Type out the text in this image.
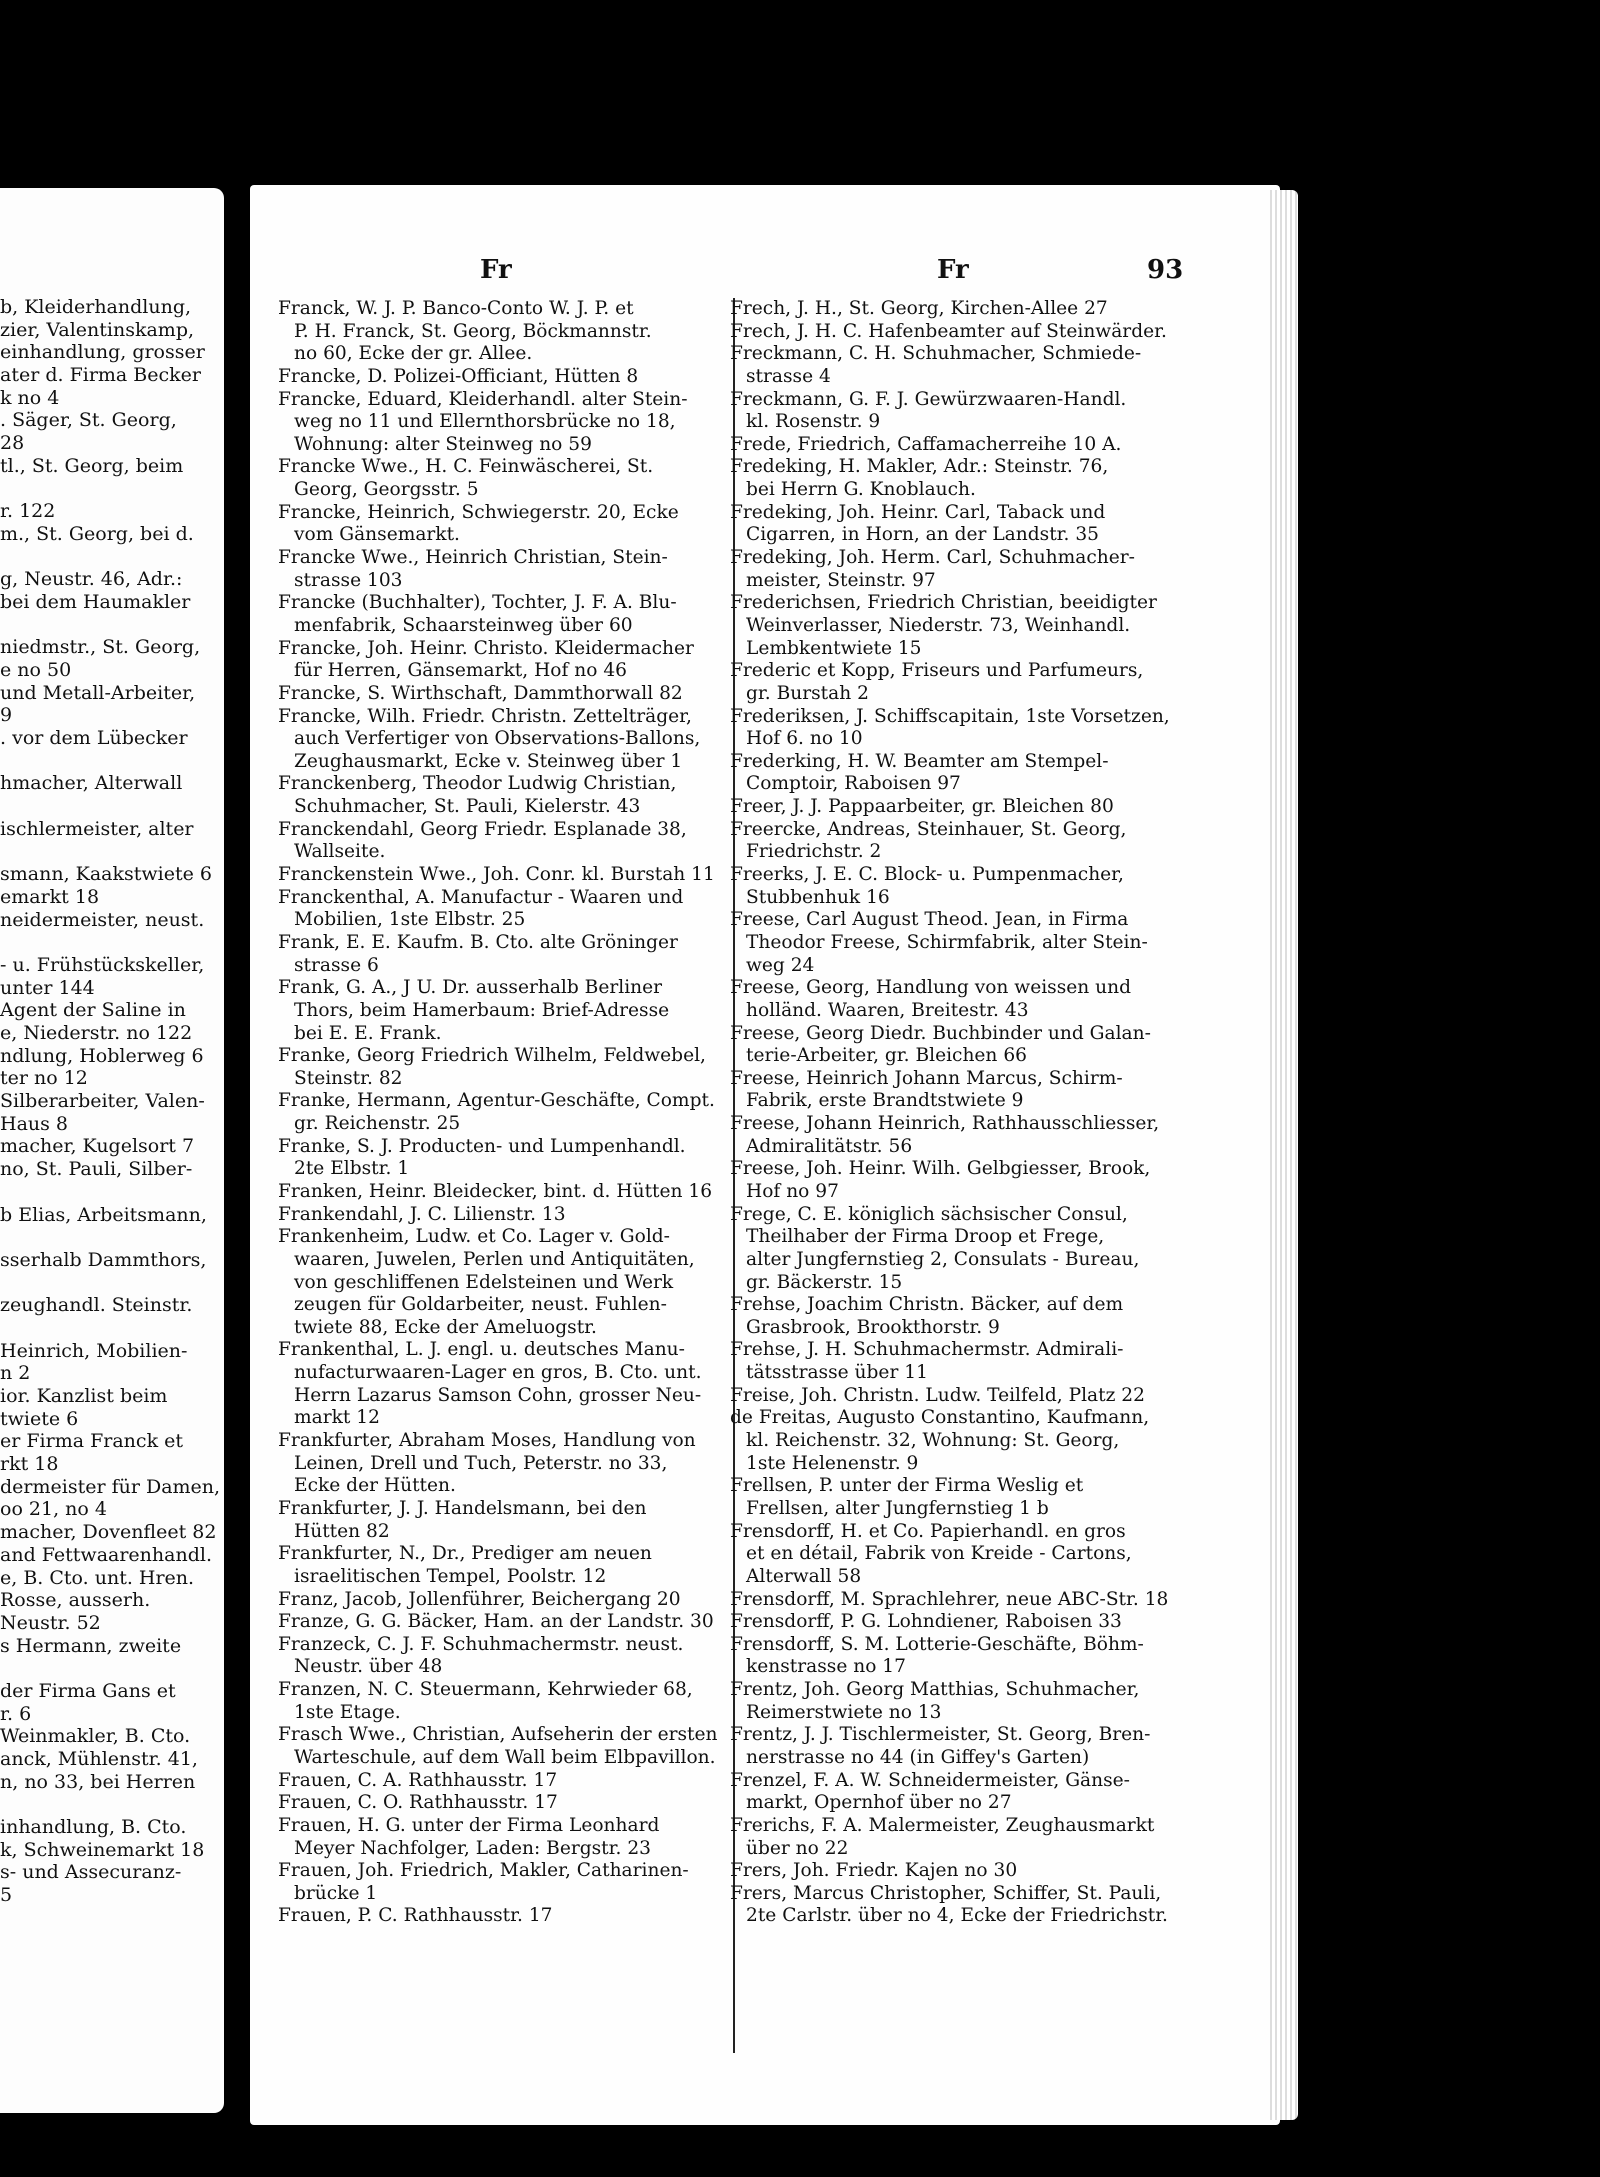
b, Kleiderhandlung,
zier, Valentinskamp,
einhandlung, grosser
ater d. Firma Becker
k no 4
. Säger, St. Georg,
28
tl., St. Georg, beim
r. 122
m., St. Georg, bei d.
g, Neustr. 46, Adr.:
bei dem Haumakler
niedmstr., St. Georg,
e no 50
und Metall-Arbeiter,
9
. vor dem Lübecker
hmacher, Alterwall
ischlermeister, alter
smann, Kaakstwiete 6
emarkt 18
neidermeister, neust.
- u. Frühstückskeller,
unter 144
Agent der Saline in
e, Niederstr. no 122
ndlung, Hoblerweg 6
ter no 12
Silberarbeiter, Valen-
Haus 8
macher, Kugelsort 7
no, St. Pauli, Silber-
b Elias, Arbeitsmann,
sserhalb Dammthors,
zeughandl. Steinstr.
Heinrich, Mobilien-
n 2
ior. Kanzlist beim
twiete 6
er Firma Franck et
rkt 18
dermeister für Damen,
oo 21, no 4
macher, Dovenfleet 82
and Fettwaarenhandl.
e, B. Cto. unt. Hren.
Rosse, ausserh.
Neustr. 52
s Hermann, zweite
der Firma Gans et
r. 6
Weinmakler, B. Cto.
anck, Mühlenstr. 41,
n, no 33, bei Herren
inhandlung, B. Cto.
k, Schweinemarkt 18
s- und Assecuranz-
5
Fr	Fr	93
Franck, W. J. P. Banco-Conto W. J. P. et
P. H. Franck, St. Georg, Böckmannstr.
no 60, Ecke der gr. Allee.
Francke, D. Polizei-Officiant, Hütten 8
Francke, Eduard, Kleiderhandl. alter Stein-
weg no 11 und Ellernthorsbrücke no 18,
Wohnung: alter Steinweg no 59
Francke Wwe., H. C. Feinwäscherei, St.
Georg, Georgsstr. 5
Francke, Heinrich, Schwiegerstr. 20, Ecke
vom Gänsemarkt.
Francke Wwe., Heinrich Christian, Stein-
strasse 103
Francke (Buchhalter), Tochter, J. F. A. Blu-
menfabrik, Schaarsteinweg über 60
Francke, Joh. Heinr. Christo. Kleidermacher
für Herren, Gänsemarkt, Hof no 46
Francke, S. Wirthschaft, Dammthorwall 82
Francke, Wilh. Friedr. Christn. Zettelträger,
auch Verfertiger von Observations-Ballons,
Zeughausmarkt, Ecke v. Steinweg über 1
Franckenberg, Theodor Ludwig Christian,
Schuhmacher, St. Pauli, Kielerstr. 43
Franckendahl, Georg Friedr. Esplanade 38,
Wallseite.
Franckenstein Wwe., Joh. Conr. kl. Burstah 11
Franckenthal, A. Manufactur - Waaren und
Mobilien, 1ste Elbstr. 25
Frank, E. E. Kaufm. B. Cto. alte Gröninger
strasse 6
Frank, G. A., J U. Dr. ausserhalb Berliner
Thors, beim Hamerbaum: Brief-Adresse
bei E. E. Frank.
Franke, Georg Friedrich Wilhelm, Feldwebel,
Steinstr. 82
Franke, Hermann, Agentur-Geschäfte, Compt.
gr. Reichenstr. 25
Franke, S. J. Producten- und Lumpenhandl.
2te Elbstr. 1
Franken, Heinr. Bleidecker, bint. d. Hütten 16
Frankendahl, J. C. Lilienstr. 13
Frankenheim, Ludw. et Co. Lager v. Gold-
waaren, Juwelen, Perlen und Antiquitäten,
von geschliffenen Edelsteinen und Werk
zeugen für Goldarbeiter, neust. Fuhlen-
twiete 88, Ecke der Ameluogstr.
Frankenthal, L. J. engl. u. deutsches Manu-
nufacturwaaren-Lager en gros, B. Cto. unt.
Herrn Lazarus Samson Cohn, grosser Neu-
markt 12
Frankfurter, Abraham Moses, Handlung von
Leinen, Drell und Tuch, Peterstr. no 33,
Ecke der Hütten.
Frankfurter, J. J. Handelsmann, bei den
Hütten 82
Frankfurter, N., Dr., Prediger am neuen
israelitischen Tempel, Poolstr. 12
Franz, Jacob, Jollenführer, Beichergang 20
Franze, G. G. Bäcker, Ham. an der Landstr. 30
Franzeck, C. J. F. Schuhmachermstr. neust.
Neustr. über 48
Franzen, N. C. Steuermann, Kehrwieder 68,
1ste Etage.
Frasch Wwe., Christian, Aufseherin der ersten
Warteschule, auf dem Wall beim Elbpavillon.
Frauen, C. A. Rathhausstr. 17
Frauen, C. O. Rathhausstr. 17
Frauen, H. G. unter der Firma Leonhard
Meyer Nachfolger, Laden: Bergstr. 23
Frauen, Joh. Friedrich, Makler, Catharinen-
brücke 1
Frauen, P. C. Rathhausstr. 17
Frech, J. H., St. Georg, Kirchen-Allee 27
Frech, J. H. C. Hafenbeamter auf Steinwärder.
Freckmann, C. H. Schuhmacher, Schmiede-
strasse 4
Freckmann, G. F. J. Gewürzwaaren-Handl.
kl. Rosenstr. 9
Frede, Friedrich, Caffamacherreihe 10 A.
Fredeking, H. Makler, Adr.: Steinstr. 76,
bei Herrn G. Knoblauch.
Fredeking, Joh. Heinr. Carl, Taback und
Cigarren, in Horn, an der Landstr. 35
Fredeking, Joh. Herm. Carl, Schuhmacher-
meister, Steinstr. 97
Frederichsen, Friedrich Christian, beeidigter
Weinverlasser, Niederstr. 73, Weinhandl.
Lembkentwiete 15
Frederic et Kopp, Friseurs und Parfumeurs,
gr. Burstah 2
Frederiksen, J. Schiffscapitain, 1ste Vorsetzen,
Hof 6. no 10
Frederking, H. W. Beamter am Stempel-
Comptoir, Raboisen 97
Freer, J. J. Pappaarbeiter, gr. Bleichen 80
Freercke, Andreas, Steinhauer, St. Georg,
Friedrichstr. 2
Freerks, J. E. C. Block- u. Pumpenmacher,
Stubbenhuk 16
Freese, Carl August Theod. Jean, in Firma
Theodor Freese, Schirmfabrik, alter Stein-
weg 24
Freese, Georg, Handlung von weissen und
holländ. Waaren, Breitestr. 43
Freese, Georg Diedr. Buchbinder und Galan-
terie-Arbeiter, gr. Bleichen 66
Freese, Heinrich Johann Marcus, Schirm-
Fabrik, erste Brandtstwiete 9
Freese, Johann Heinrich, Rathhausschliesser,
Admiralitätstr. 56
Freese, Joh. Heinr. Wilh. Gelbgiesser, Brook,
Hof no 97
Frege, C. E. königlich sächsischer Consul,
Theilhaber der Firma Droop et Frege,
alter Jungfernstieg 2, Consulats - Bureau,
gr. Bäckerstr. 15
Frehse, Joachim Christn. Bäcker, auf dem
Grasbrook, Brookthorstr. 9
Frehse, J. H. Schuhmachermstr. Admirali-
tätsstrasse über 11
Freise, Joh. Christn. Ludw. Teilfeld, Platz 22
de Freitas, Augusto Constantino, Kaufmann,
kl. Reichenstr. 32, Wohnung: St. Georg,
1ste Helenenstr. 9
Frellsen, P. unter der Firma Weslig et
Frellsen, alter Jungfernstieg 1 b
Frensdorff, H. et Co. Papierhandl. en gros
et en détail, Fabrik von Kreide - Cartons,
Alterwall 58
Frensdorff, M. Sprachlehrer, neue ABC-Str. 18
Frensdorff, P. G. Lohndiener, Raboisen 33
Frensdorff, S. M. Lotterie-Geschäfte, Böhm-
kenstrasse no 17
Frentz, Joh. Georg Matthias, Schuhmacher,
Reimerstwiete no 13
Frentz, J. J. Tischlermeister, St. Georg, Bren-
nerstrasse no 44 (in Giffey's Garten)
Frenzel, F. A. W. Schneidermeister, Gänse-
markt, Opernhof über no 27
Frerichs, F. A. Malermeister, Zeughausmarkt
über no 22
Frers, Joh. Friedr. Kajen no 30
Frers, Marcus Christopher, Schiffer, St. Pauli,
2te Carlstr. über no 4, Ecke der Friedrichstr.
